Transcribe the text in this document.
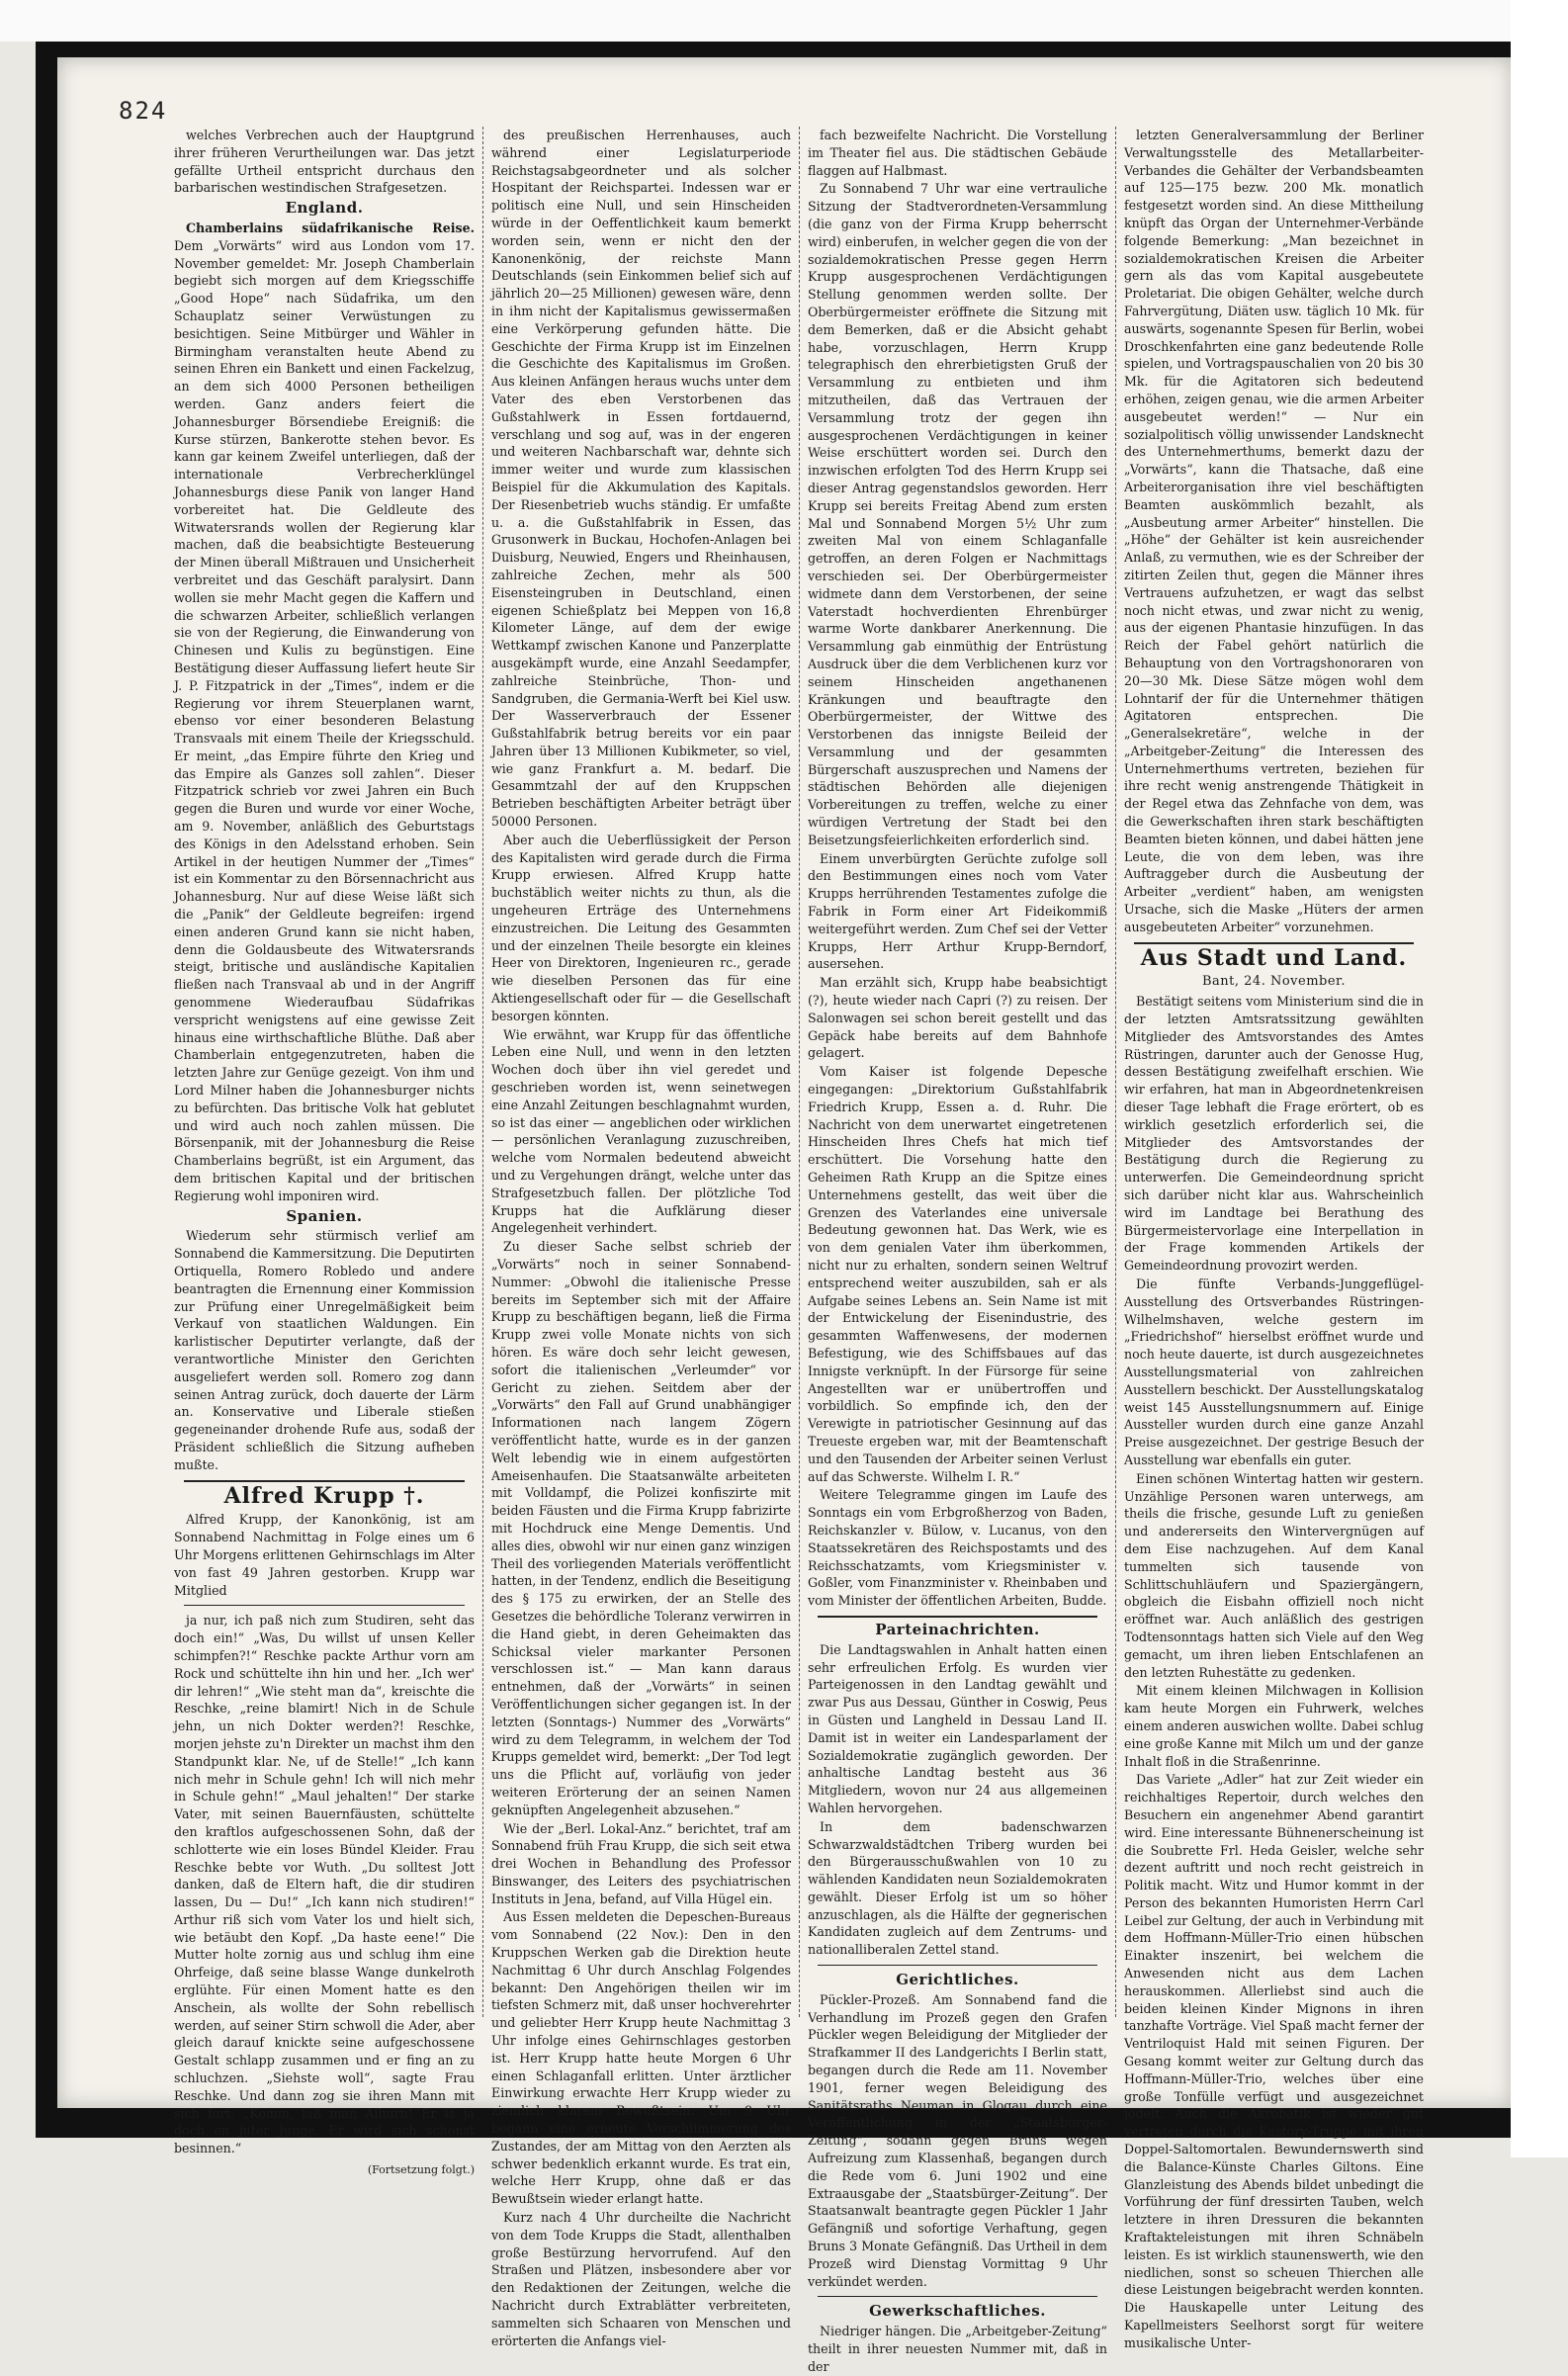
824

welches Verbrechen auch der Hauptgrund ihrer früheren Verurtheilungen war. Das jetzt gefällte Urtheil entspricht durchaus den barbarischen westindischen Strafgesetzen.

England.

Chamberlains südafrikanische Reise. Dem „Vorwärts“ wird aus London vom 17. November gemeldet: Mr. Joseph Chamberlain begiebt sich morgen auf dem Kriegsschiffe „Good Hope“ nach Südafrika, um den Schauplatz seiner Verwüstungen zu besichtigen. Seine Mitbürger und Wähler in Birmingham veranstalten heute Abend zu seinen Ehren ein Bankett und einen Fackelzug, an dem sich 4000 Personen betheiligen werden. Ganz anders feiert die Johannesburger Börsendiebe Ereigniß: die Kurse stürzen, Bankerotte stehen bevor. Es kann gar keinem Zweifel unterliegen, daß der internationale Verbrecherklüngel Johannesburgs diese Panik von langer Hand vorbereitet hat. Die Geldleute des Witwatersrands wollen der Regierung klar machen, daß die beabsichtigte Besteuerung der Minen überall Mißtrauen und Unsicherheit verbreitet und das Geschäft paralysirt. Dann wollen sie mehr Macht gegen die Kaffern und die schwarzen Arbeiter, schließlich verlangen sie von der Regierung, die Einwanderung von Chinesen und Kulis zu begünstigen. Eine Bestätigung dieser Auffassung liefert heute Sir J. P. Fitzpatrick in der „Times“, indem er die Regierung vor ihrem Steuerplanen warnt, ebenso vor einer besonderen Belastung Transvaals mit einem Theile der Kriegsschuld. Er meint, „das Empire führte den Krieg und das Empire als Ganzes soll zahlen“. Dieser Fitzpatrick schrieb vor zwei Jahren ein Buch gegen die Buren und wurde vor einer Woche, am 9. November, anläßlich des Geburtstags des Königs in den Adelsstand erhoben. Sein Artikel in der heutigen Nummer der „Times“ ist ein Kommentar zu den Börsennachricht aus Johannesburg. Nur auf diese Weise läßt sich die „Panik“ der Geldleute begreifen: irgend einen anderen Grund kann sie nicht haben, denn die Goldausbeute des Witwatersrands steigt, britische und ausländische Kapitalien fließen nach Transvaal ab und in der Angriff genommene Wiederaufbau Südafrikas verspricht wenigstens auf eine gewisse Zeit hinaus eine wirthschaftliche Blüthe. Daß aber Chamberlain entgegenzutreten, haben die letzten Jahre zur Genüge gezeigt. Von ihm und Lord Milner haben die Johannesburger nichts zu befürchten. Das britische Volk hat geblutet und wird auch noch zahlen müssen. Die Börsenpanik, mit der Johannesburg die Reise Chamberlains begrüßt, ist ein Argument, das dem britischen Kapital und der britischen Regierung wohl imponiren wird.

Spanien.

Wiederum sehr stürmisch verlief am Sonnabend die Kammersitzung. Die Deputirten Ortiquella, Romero Robledo und andere beantragten die Ernennung einer Kommission zur Prüfung einer Unregelmäßigkeit beim Verkauf von staatlichen Waldungen. Ein karlistischer Deputirter verlangte, daß der verantwortliche Minister den Gerichten ausgeliefert werden soll. Romero zog dann seinen Antrag zurück, doch dauerte der Lärm an. Konservative und Liberale stießen gegeneinander drohende Rufe aus, sodaß der Präsident schließlich die Sitzung aufheben mußte.

Alfred Krupp †.

Alfred Krupp, der Kanonkönig, ist am Sonnabend Nachmittag in Folge eines um 6 Uhr Morgens erlittenen Gehirnschlags im Alter von fast 49 Jahren gestorben. Krupp war Mitglied

ja nur, ich paß nich zum Studiren, seht das doch ein!“ „Was, Du willst uf unsen Keller schimpfen?!“ Reschke packte Arthur vorn am Rock und schüttelte ihn hin und her. „Ich wer' dir lehren!“ „Wie steht man da“, kreischte die Reschke, „reine blamirt! Nich in de Schule jehn, un nich Dokter werden?! Reschke, morjen jehste zu'n Direkter un machst ihm den Standpunkt klar. Ne, uf de Stelle!“ „Ich kann nich mehr in Schule gehn! Ich will nich mehr in Schule gehn!“ „Maul jehalten!“ Der starke Vater, mit seinen Bauernfäusten, schüttelte den kraftlos aufgeschossenen Sohn, daß der schlotterte wie ein loses Bündel Kleider. Frau Reschke bebte vor Wuth. „Du solltest Jott danken, daß de Eltern haft, die dir studiren lassen, Du — Du!“ „Ich kann nich studiren!“ Arthur riß sich vom Vater los und hielt sich, wie betäubt den Kopf. „Da haste eene!“ Die Mutter holte zornig aus und schlug ihm eine Ohrfeige, daß seine blasse Wange dunkelroth erglühte. Für einen Moment hatte es den Anschein, als wollte der Sohn rebellisch werden, auf seiner Stirn schwoll die Ader, aber gleich darauf knickte seine aufgeschossene Gestalt schlapp zusammen und er fing an zu schluchzen. „Siehste woll“, sagte Frau Reschke. Und dann zog sie ihren Mann mit sich fort. „Komm, laß man Aihurn! Er is ja doch en juter Junge. Er wird sich schonst besinnen.“

(Fortsetzung folgt.)

des preußischen Herrenhauses, auch während einer Legislaturperiode Reichstagsabgeordneter und als solcher Hospitant der Reichspartei. Indessen war er politisch eine Null, und sein Hinscheiden würde in der Oeffentlichkeit kaum bemerkt worden sein, wenn er nicht den der Kanonenkönig, der reichste Mann Deutschlands (sein Einkommen belief sich auf jährlich 20—25 Millionen) gewesen wäre, denn in ihm nicht der Kapitalismus gewissermaßen eine Verkörperung gefunden hätte. Die Geschichte der Firma Krupp ist im Einzelnen die Geschichte des Kapitalismus im Großen. Aus kleinen Anfängen heraus wuchs unter dem Vater des eben Verstorbenen das Gußstahlwerk in Essen fortdauernd, verschlang und sog auf, was in der engeren und weiteren Nachbarschaft war, dehnte sich immer weiter und wurde zum klassischen Beispiel für die Akkumulation des Kapitals. Der Riesenbetrieb wuchs ständig. Er umfaßte u. a. die Gußstahlfabrik in Essen, das Grusonwerk in Buckau, Hochofen-Anlagen bei Duisburg, Neuwied, Engers und Rheinhausen, zahlreiche Zechen, mehr als 500 Eisensteingruben in Deutschland, einen eigenen Schießplatz bei Meppen von 16,8 Kilometer Länge, auf dem der ewige Wettkampf zwischen Kanone und Panzerplatte ausgekämpft wurde, eine Anzahl Seedampfer, zahlreiche Steinbrüche, Thon- und Sandgruben, die Germania-Werft bei Kiel usw. Der Wasserverbrauch der Essener Gußstahlfabrik betrug bereits vor ein paar Jahren über 13 Millionen Kubikmeter, so viel, wie ganz Frankfurt a. M. bedarf. Die Gesammtzahl der auf den Kruppschen Betrieben beschäftigten Arbeiter beträgt über 50000 Personen.

Aber auch die Ueberflüssigkeit der Person des Kapitalisten wird gerade durch die Firma Krupp erwiesen. Alfred Krupp hatte buchstäblich weiter nichts zu thun, als die ungeheuren Erträge des Unternehmens einzustreichen. Die Leitung des Gesammten und der einzelnen Theile besorgte ein kleines Heer von Direktoren, Ingenieuren rc., gerade wie dieselben Personen das für eine Aktiengesellschaft oder für — die Gesellschaft besorgen könnten.

Wie erwähnt, war Krupp für das öffentliche Leben eine Null, und wenn in den letzten Wochen doch über ihn viel geredet und geschrieben worden ist, wenn seinetwegen eine Anzahl Zeitungen beschlagnahmt wurden, so ist das einer — angeblichen oder wirklichen — persönlichen Veranlagung zuzuschreiben, welche vom Normalen bedeutend abweicht und zu Vergehungen drängt, welche unter das Strafgesetzbuch fallen. Der plötzliche Tod Krupps hat die Aufklärung dieser Angelegenheit verhindert.

Zu dieser Sache selbst schrieb der „Vorwärts“ noch in seiner Sonnabend-Nummer: „Obwohl die italienische Presse bereits im September sich mit der Affaire Krupp zu beschäftigen begann, ließ die Firma Krupp zwei volle Monate nichts von sich hören. Es wäre doch sehr leicht gewesen, sofort die italienischen „Verleumder“ vor Gericht zu ziehen. Seitdem aber der „Vorwärts“ den Fall auf Grund unabhängiger Informationen nach langem Zögern veröffentlicht hatte, wurde es in der ganzen Welt lebendig wie in einem aufgestörten Ameisenhaufen. Die Staatsanwälte arbeiteten mit Volldampf, die Polizei konfiszirte mit beiden Fäusten und die Firma Krupp fabrizirte mit Hochdruck eine Menge Dementis. Und alles dies, obwohl wir nur einen ganz winzigen Theil des vorliegenden Materials veröffentlicht hatten, in der Tendenz, endlich die Beseitigung des § 175 zu erwirken, der an Stelle des Gesetzes die behördliche Toleranz verwirren in die Hand giebt, in deren Geheimakten das Schicksal vieler markanter Personen verschlossen ist.“ — Man kann daraus entnehmen, daß der „Vorwärts“ in seinen Veröffentlichungen sicher gegangen ist. In der letzten (Sonntags-) Nummer des „Vorwärts“ wird zu dem Telegramm, in welchem der Tod Krupps gemeldet wird, bemerkt: „Der Tod legt uns die Pflicht auf, vorläufig von jeder weiteren Erörterung der an seinen Namen geknüpften Angelegenheit abzusehen.“

Wie der „Berl. Lokal-Anz.“ berichtet, traf am Sonnabend früh Frau Krupp, die sich seit etwa drei Wochen in Behandlung des Professor Binswanger, des Leiters des psychiatrischen Instituts in Jena, befand, auf Villa Hügel ein.

Aus Essen meldeten die Depeschen-Bureaus vom Sonnabend (22 Nov.): Den in den Kruppschen Werken gab die Direktion heute Nachmittag 6 Uhr durch Anschlag Folgendes bekannt: Den Angehörigen theilen wir im tiefsten Schmerz mit, daß unser hochverehrter und geliebter Herr Krupp heute Nachmittag 3 Uhr infolge eines Gehirnschlages gestorben ist. Herr Krupp hatte heute Morgen 6 Uhr einen Schlaganfall erlitten. Unter ärztlicher Einwirkung erwachte Herr Krupp wieder zu ziemlich klarem Bewußtsein. Um 9 Uhr begann eine erneute Verschlimmerung des Zustandes, der am Mittag von den Aerzten als schwer bedenklich erkannt wurde. Es trat ein, welche Herr Krupp, ohne daß er das Bewußtsein wieder erlangt hatte.

Kurz nach 4 Uhr durcheilte die Nachricht von dem Tode Krupps die Stadt, allenthalben große Bestürzung hervorrufend. Auf den Straßen und Plätzen, insbesondere aber vor den Redaktionen der Zeitungen, welche die Nachricht durch Extrablätter verbreiteten, sammelten sich Schaaren von Menschen und erörterten die Anfangs viel-

fach bezweifelte Nachricht. Die Vorstellung im Theater fiel aus. Die städtischen Gebäude flaggen auf Halbmast.

Zu Sonnabend 7 Uhr war eine vertrauliche Sitzung der Stadtverordneten-Versammlung (die ganz von der Firma Krupp beherrscht wird) einberufen, in welcher gegen die von der sozialdemokratischen Presse gegen Herrn Krupp ausgesprochenen Verdächtigungen Stellung genommen werden sollte. Der Oberbürgermeister eröffnete die Sitzung mit dem Bemerken, daß er die Absicht gehabt habe, vorzuschlagen, Herrn Krupp telegraphisch den ehrerbietigsten Gruß der Versammlung zu entbieten und ihm mitzutheilen, daß das Vertrauen der Versammlung trotz der gegen ihn ausgesprochenen Verdächtigungen in keiner Weise erschüttert worden sei. Durch den inzwischen erfolgten Tod des Herrn Krupp sei dieser Antrag gegenstandslos geworden. Herr Krupp sei bereits Freitag Abend zum ersten Mal und Sonnabend Morgen 5½ Uhr zum zweiten Mal von einem Schlaganfalle getroffen, an deren Folgen er Nachmittags verschieden sei. Der Oberbürgermeister widmete dann dem Verstorbenen, der seine Vaterstadt hochverdienten Ehrenbürger warme Worte dankbarer Anerkennung. Die Versammlung gab einmüthig der Entrüstung Ausdruck über die dem Verblichenen kurz vor seinem Hinscheiden angethanenen Kränkungen und beauftragte den Oberbürgermeister, der Wittwe des Verstorbenen das innigste Beileid der Versammlung und der gesammten Bürgerschaft auszusprechen und Namens der städtischen Behörden alle diejenigen Vorbereitungen zu treffen, welche zu einer würdigen Vertretung der Stadt bei den Beisetzungsfeierlichkeiten erforderlich sind.

Einem unverbürgten Gerüchte zufolge soll den Bestimmungen eines noch vom Vater Krupps herrührenden Testamentes zufolge die Fabrik in Form einer Art Fideikommiß weitergeführt werden. Zum Chef sei der Vetter Krupps, Herr Arthur Krupp-Berndorf, ausersehen.

Man erzählt sich, Krupp habe beabsichtigt (?), heute wieder nach Capri (?) zu reisen. Der Salonwagen sei schon bereit gestellt und das Gepäck habe bereits auf dem Bahnhofe gelagert.

Vom Kaiser ist folgende Depesche eingegangen: „Direktorium Gußstahlfabrik Friedrich Krupp, Essen a. d. Ruhr. Die Nachricht von dem unerwartet eingetretenen Hinscheiden Ihres Chefs hat mich tief erschüttert. Die Vorsehung hatte den Geheimen Rath Krupp an die Spitze eines Unternehmens gestellt, das weit über die Grenzen des Vaterlandes eine universale Bedeutung gewonnen hat. Das Werk, wie es von dem genialen Vater ihm überkommen, nicht nur zu erhalten, sondern seinen Weltruf entsprechend weiter auszubilden, sah er als Aufgabe seines Lebens an. Sein Name ist mit der Entwickelung der Eisenindustrie, des gesammten Waffenwesens, der modernen Befestigung, wie des Schiffsbaues auf das Innigste verknüpft. In der Fürsorge für seine Angestellten war er unübertroffen und vorbildlich. So empfinde ich, den der Verewigte in patriotischer Gesinnung auf das Treueste ergeben war, mit der Beamtenschaft und den Tausenden der Arbeiter seinen Verlust auf das Schwerste. Wilhelm I. R.“

Weitere Telegramme gingen im Laufe des Sonntags ein vom Erbgroßherzog von Baden, Reichskanzler v. Bülow, v. Lucanus, von den Staatssekretären des Reichspostamts und des Reichsschatzamts, vom Kriegsminister v. Goßler, vom Finanzminister v. Rheinbaben und vom Minister der öffentlichen Arbeiten, Budde.

Parteinachrichten.

Die Landtagswahlen in Anhalt hatten einen sehr erfreulichen Erfolg. Es wurden vier Parteigenossen in den Landtag gewählt und zwar Pus aus Dessau, Günther in Coswig, Peus in Güsten und Langheld in Dessau Land II. Damit ist in weiter ein Landesparlament der Sozialdemokratie zugänglich geworden. Der anhaltische Landtag besteht aus 36 Mitgliedern, wovon nur 24 aus allgemeinen Wahlen hervorgehen.

In dem badenschwarzen Schwarzwaldstädtchen Triberg wurden bei den Bürgerausschußwahlen von 10 zu wählenden Kandidaten neun Sozialdemokraten gewählt. Dieser Erfolg ist um so höher anzuschlagen, als die Hälfte der gegnerischen Kandidaten zugleich auf dem Zentrums- und nationalliberalen Zettel stand.

Gerichtliches.

Pückler-Prozeß. Am Sonnabend fand die Verhandlung im Prozeß gegen den Grafen Pückler wegen Beleidigung der Mitglieder der Strafkammer II des Landgerichts I Berlin statt, begangen durch die Rede am 11. November 1901, ferner wegen Beleidigung des Sanitätsraths Neuman in Glogau durch eine Veröffentlichung in der „Staatsbürger-Zeitung“, sodann gegen Bruns wegen Aufreizung zum Klassenhaß, begangen durch die Rede vom 6. Juni 1902 und eine Extraausgabe der „Staatsbürger-Zeitung“. Der Staatsanwalt beantragte gegen Pückler 1 Jahr Gefängniß und sofortige Verhaftung, gegen Bruns 3 Monate Gefängniß. Das Urtheil in dem Prozeß wird Dienstag Vormittag 9 Uhr verkündet werden.

Gewerkschaftliches.

Niedriger hängen. Die „Arbeitgeber-Zeitung“ theilt in ihrer neuesten Nummer mit, daß in der

letzten Generalversammlung der Berliner Verwaltungsstelle des Metallarbeiter-Verbandes die Gehälter der Verbandsbeamten auf 125—175 bezw. 200 Mk. monatlich festgesetzt worden sind. An diese Mittheilung knüpft das Organ der Unternehmer-Verbände folgende Bemerkung: „Man bezeichnet in sozialdemokratischen Kreisen die Arbeiter gern als das vom Kapital ausgebeutete Proletariat. Die obigen Gehälter, welche durch Fahrvergütung, Diäten usw. täglich 10 Mk. für auswärts, sogenannte Spesen für Berlin, wobei Droschkenfahrten eine ganz bedeutende Rolle spielen, und Vortragspauschalien von 20 bis 30 Mk. für die Agitatoren sich bedeutend erhöhen, zeigen genau, wie die armen Arbeiter ausgebeutet werden!“ — Nur ein sozialpolitisch völlig unwissender Landsknecht des Unternehmerthums, bemerkt dazu der „Vorwärts“, kann die Thatsache, daß eine Arbeiterorganisation ihre viel beschäftigten Beamten auskömmlich bezahlt, als „Ausbeutung armer Arbeiter“ hinstellen. Die „Höhe“ der Gehälter ist kein ausreichender Anlaß, zu vermuthen, wie es der Schreiber der zitirten Zeilen thut, gegen die Männer ihres Vertrauens aufzuhetzen, er wagt das selbst noch nicht etwas, und zwar nicht zu wenig, aus der eigenen Phantasie hinzufügen. In das Reich der Fabel gehört natürlich die Behauptung von den Vortragshonoraren von 20—30 Mk. Diese Sätze mögen wohl dem Lohntarif der für die Unternehmer thätigen Agitatoren entsprechen. Die „Generalsekretäre“, welche in der „Arbeitgeber-Zeitung“ die Interessen des Unternehmerthums vertreten, beziehen für ihre recht wenig anstrengende Thätigkeit in der Regel etwa das Zehnfache von dem, was die Gewerkschaften ihren stark beschäftigten Beamten bieten können, und dabei hätten jene Leute, die von dem leben, was ihre Auftraggeber durch die Ausbeutung der Arbeiter „verdient“ haben, am wenigsten Ursache, sich die Maske „Hüters der armen ausgebeuteten Arbeiter“ vorzunehmen.

Aus Stadt und Land.
Bant, 24. November.

Bestätigt seitens vom Ministerium sind die in der letzten Amtsratssitzung gewählten Mitglieder des Amtsvorstandes des Amtes Rüstringen, darunter auch der Genosse Hug, dessen Bestätigung zweifelhaft erschien. Wie wir erfahren, hat man in Abgeordnetenkreisen dieser Tage lebhaft die Frage erörtert, ob es wirklich gesetzlich erforderlich sei, die Mitglieder des Amtsvorstandes der Bestätigung durch die Regierung zu unterwerfen. Die Gemeindeordnung spricht sich darüber nicht klar aus. Wahrscheinlich wird im Landtage bei Berathung des Bürgermeistervorlage eine Interpellation in der Frage kommenden Artikels der Gemeindeordnung provozirt werden.

Die fünfte Verbands-Junggeflügel-Ausstellung des Ortsverbandes Rüstringen-Wilhelmshaven, welche gestern im „Friedrichshof“ hierselbst eröffnet wurde und noch heute dauerte, ist durch ausgezeichnetes Ausstellungsmaterial von zahlreichen Ausstellern beschickt. Der Ausstellungskatalog weist 145 Ausstellungsnummern auf. Einige Aussteller wurden durch eine ganze Anzahl Preise ausgezeichnet. Der gestrige Besuch der Ausstellung war ebenfalls ein guter.

Einen schönen Wintertag hatten wir gestern. Unzählige Personen waren unterwegs, am theils die frische, gesunde Luft zu genießen und andererseits den Wintervergnügen auf dem Eise nachzugehen. Auf dem Kanal tummelten sich tausende von Schlittschuhläufern und Spaziergängern, obgleich die Eisbahn offiziell noch nicht eröffnet war. Auch anläßlich des gestrigen Todtensonntags hatten sich Viele auf den Weg gemacht, um ihren lieben Entschlafenen an den letzten Ruhestätte zu gedenken.

Mit einem kleinen Milchwagen in Kollision kam heute Morgen ein Fuhrwerk, welches einem anderen auswichen wollte. Dabei schlug eine große Kanne mit Milch um und der ganze Inhalt floß in die Straßenrinne.

Das Variete „Adler“ hat zur Zeit wieder ein reichhaltiges Repertoir, durch welches den Besuchern ein angenehmer Abend garantirt wird. Eine interessante Bühnenerscheinung ist die Soubrette Frl. Heda Geisler, welche sehr dezent auftritt und noch recht geistreich in Politik macht. Witz und Humor kommt in der Person des bekannten Humoristen Herrn Carl Leibel zur Geltung, der auch in Verbindung mit dem Hoffmann-Müller-Trio einen hübschen Einakter inszenirt, bei welchem die Anwesenden nicht aus dem Lachen herauskommen. Allerliebst sind auch die beiden kleinen Kinder Mignons in ihren tanzhafte Vorträge. Viel Spaß macht ferner der Ventriloquist Hald mit seinen Figuren. Der Gesang kommt weiter zur Geltung durch das Hoffmann-Müller-Trio, welches über eine große Tonfülle verfügt und ausgezeichnet jodelt. Auch die Akrobatik ist wieder gut vertreten durch die Kastory-Truppe mit ihren Doppel-Saltomortalen. Bewundernswerth sind die Balance-Künste Charles Giltons. Eine Glanzleistung des Abends bildet unbedingt die Vorführung der fünf dressirten Tauben, welch letztere in ihren Dressuren die bekannten Kraftakteleistungen mit ihren Schnäbeln leisten. Es ist wirklich staunenswerth, wie den niedlichen, sonst so scheuen Thierchen alle diese Leistungen beigebracht werden konnten. Die Hauskapelle unter Leitung des Kapellmeisters Seelhorst sorgt für weitere musikalische Unter-
